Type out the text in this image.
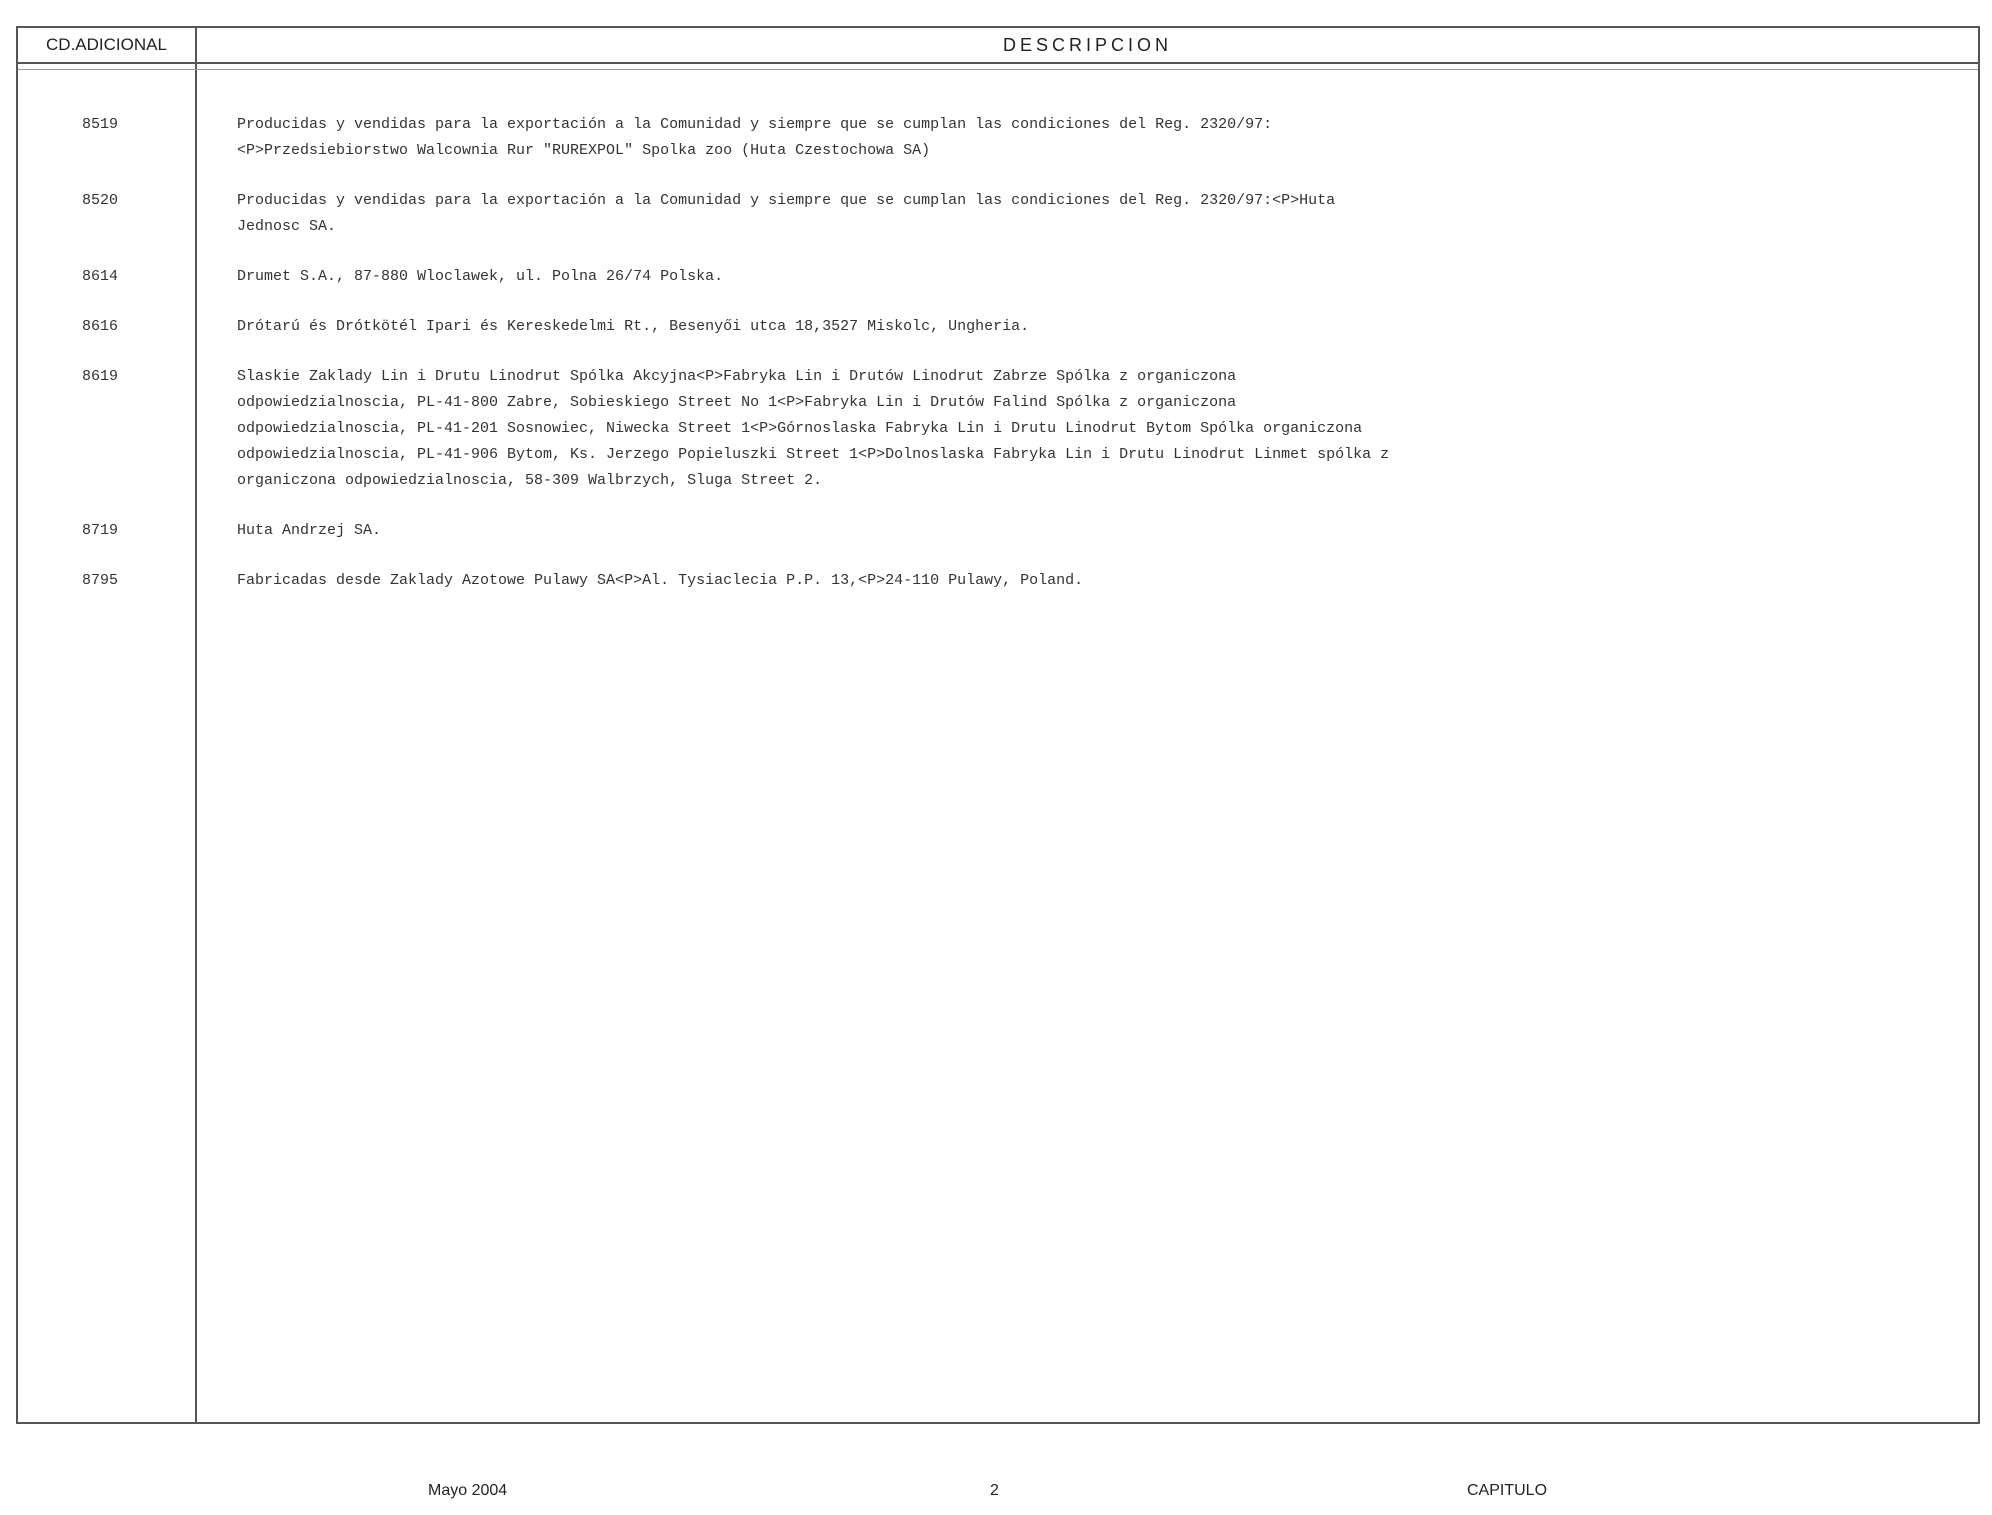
CD.ADICIONAL	DESCRIPCION
8519	Producidas y vendidas para la exportación a la Comunidad y siempre que se cumplan las condiciones del Reg. 2320/97:<P>Przedsiebiorstwo Walcownia Rur "RUREXPOL" Spolka zoo (Huta Czestochowa SA)
8520	Producidas y vendidas para la exportación a la Comunidad y siempre que se cumplan las condiciones del Reg. 2320/97:<P>Huta Jednosc SA.
8614	Drumet S.A., 87-880 Wloclawek, ul. Polna 26/74 Polska.
8616	Drótarú és Drótkötél Ipari és Kereskedelmi Rt., Besenyői utca 18,3527 Miskolc, Ungheria.
8619	Slaskie Zaklady Lin i Drutu Linodrut Spólka Akcyjna<P>Fabryka Lin i Drutów Linodrut Zabrze Spólka z organiczona odpowiedzialnoscia, PL-41-800 Zabre, Sobieskiego Street No 1<P>Fabryka Lin i Drutów Falind Spólka z organiczona odpowiedzialnoscia, PL-41-201 Sosnowiec, Niwecka Street 1<P>Górnoslaska Fabryka Lin i Drutu Linodrut Bytom Spólka organiczona odpowiedzialnoscia, PL-41-906 Bytom, Ks. Jerzego Popieluszki Street 1<P>Dolnoslaska Fabryka Lin i Drutu Linodrut Linmet spólka z organiczona odpowiedzialnoscia, 58-309 Walbrzych, Sluga Street 2.
8719	Huta Andrzej SA.
8795	Fabricadas desde Zaklady Azotowe Pulawy SA<P>Al. Tysiaclecia P.P. 13,<P>24-110 Pulawy, Poland.
Mayo 2004	2	CAPITULO
